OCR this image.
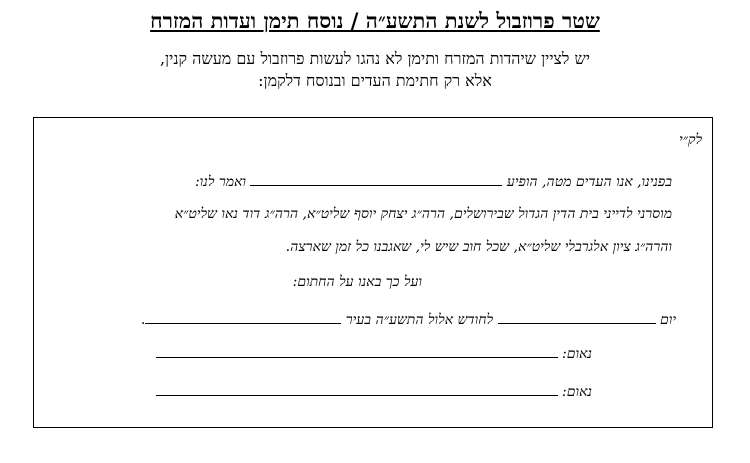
שטר פרוזבול לשנת התשע״ה / נוסח תימן ועדות המזרח
יש לציין שיהדות המזרח ותימן לא נהגו לעשות פרוזבול עם מעשה קנין,
אלא רק חתימת העדים ובנוסח דלקמן:
לק״י
בפנינו, אנו העדים מטה, הופיע  ואמר לנו:
מוסרני לדייני בית הדין הגדול שבירושלים, הרה״ג יצחק יוסף שליט״א, הרה״ג דוד נאו שליט״א
והרה״ג ציון אלגרבלי שליט״א, שכל חוב שיש לי, שאגבנו כל זמן שארצה.
ועל כך באנו על החתום:
יום  לחודש אלול התשע״ה בעיר .
נאום:
נאום:
